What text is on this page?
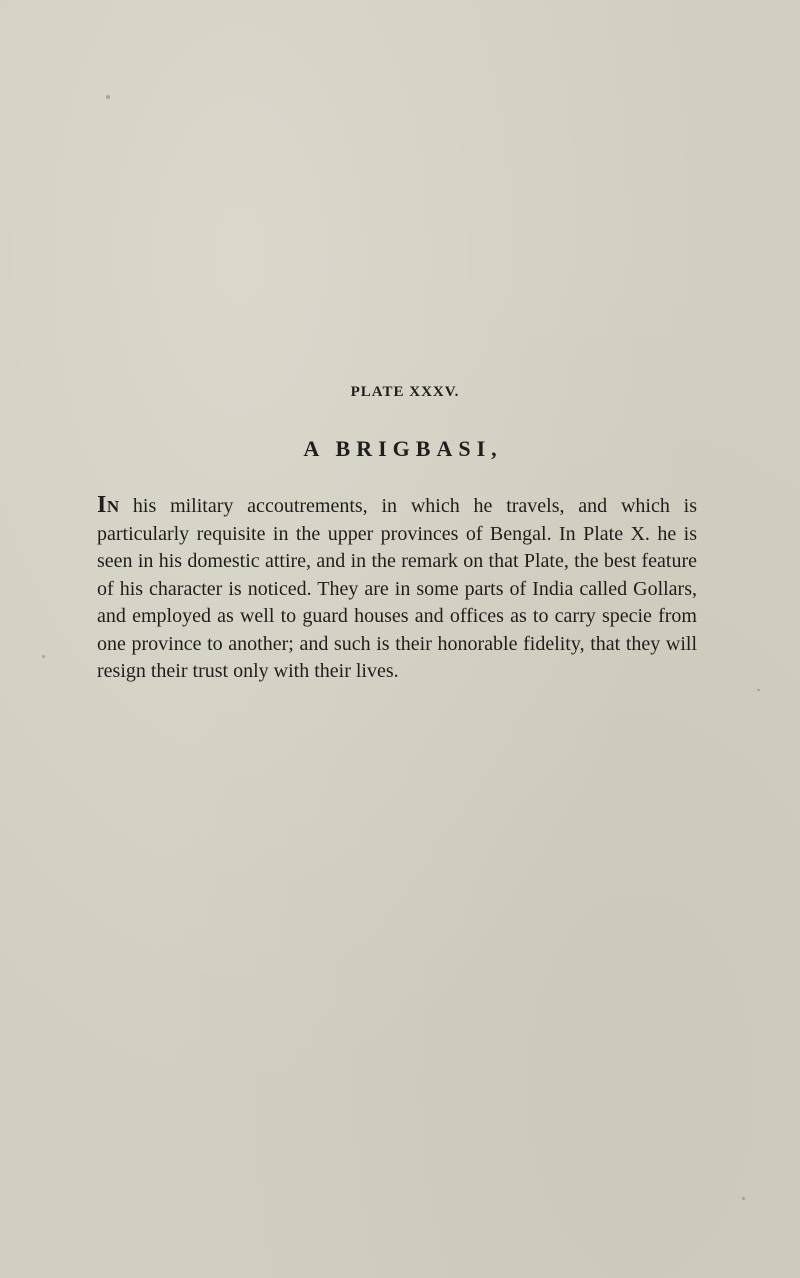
PLATE XXXV.
A BRIGBASI,
IN his military accoutrements, in which he travels, and which is particularly requisite in the upper provinces of Bengal. In Plate X. he is seen in his domestic attire, and in the remark on that Plate, the best feature of his character is noticed. They are in some parts of India called Gollars, and employed as well to guard houses and offices as to carry specie from one province to another; and such is their honorable fidelity, that they will resign their trust only with their lives.
